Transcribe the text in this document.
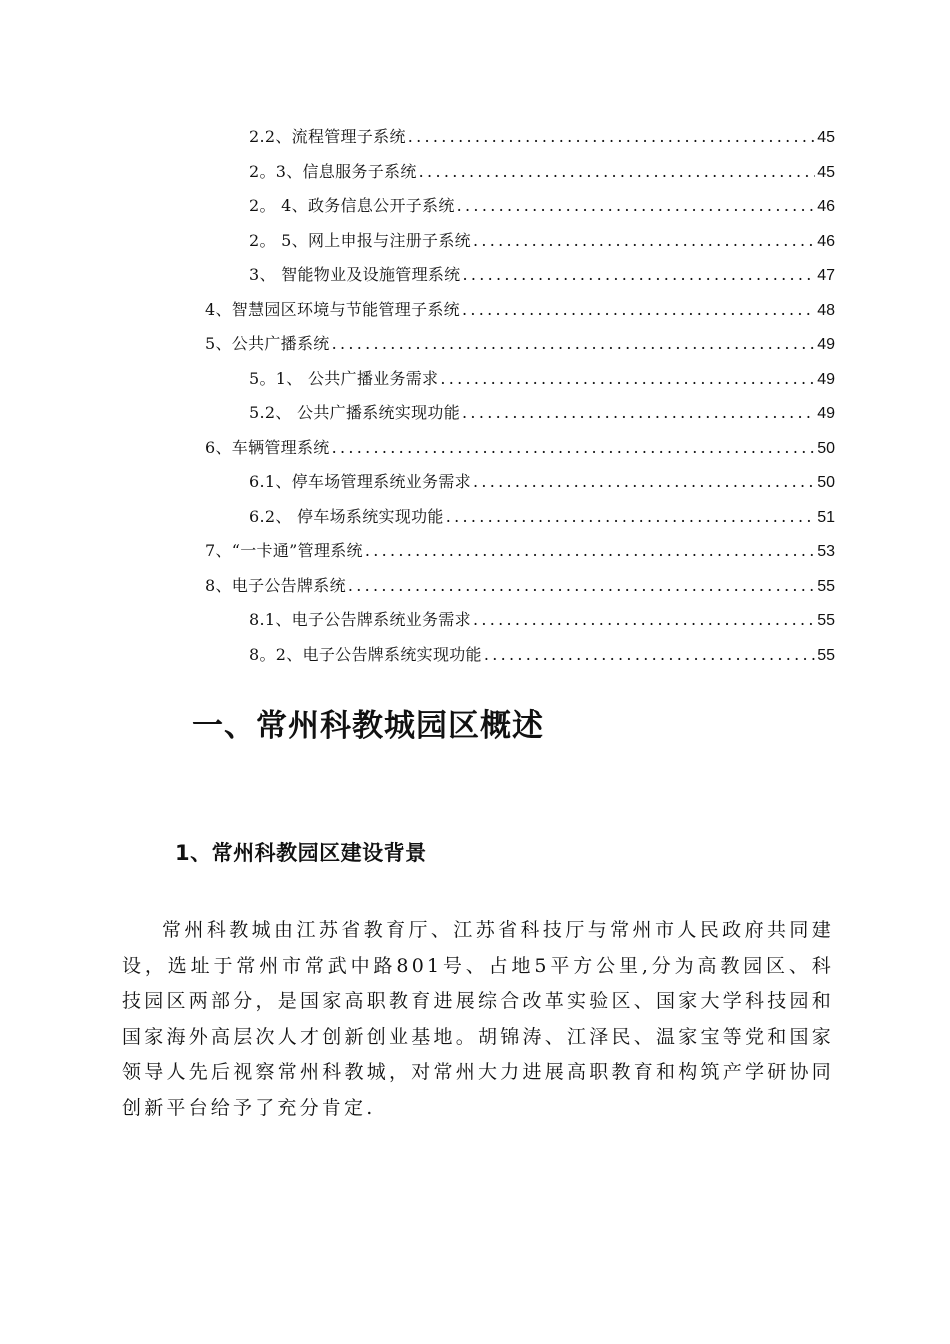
2.2、流程管理子系统 .....	45
2。3、信息服务子系统 .....	45
2。 4、政务信息公开子系统 .....	46
2。 5、网上申报与注册子系统 .....	46
3、 智能物业及设施管理系统 .....	47
4、智慧园区环境与节能管理子系统 .....	48
5、公共广播系统 .....	49
5。1、 公共广播业务需求 .....	49
5.2、 公共广播系统实现功能 .....	49
6、车辆管理系统 .....	50
6.1、停车场管理系统业务需求 .....	50
6.2、 停车场系统实现功能 .....	51
7、“一卡通”管理系统 .....	53
8、电子公告牌系统 .....	55
8.1、电子公告牌系统业务需求 .....	55
8。2、电子公告牌系统实现功能 .....	55
一、常州科教城园区概述
1、常州科教园区建设背景

常州科教城由江苏省教育厅、江苏省科技厅与常州市人民政府共同建设，选址于常州市常武中路801号、占地5平方公里,分为高教园区、科技园区两部分，是国家高职教育进展综合改革实验区、国家大学科技园和国家海外高层次人才创新创业基地。胡锦涛、江泽民、温家宝等党和国家领导人先后视察常州科教城，对常州大力进展高职教育和构筑产学研协同创新平台给予了充分肯定.
